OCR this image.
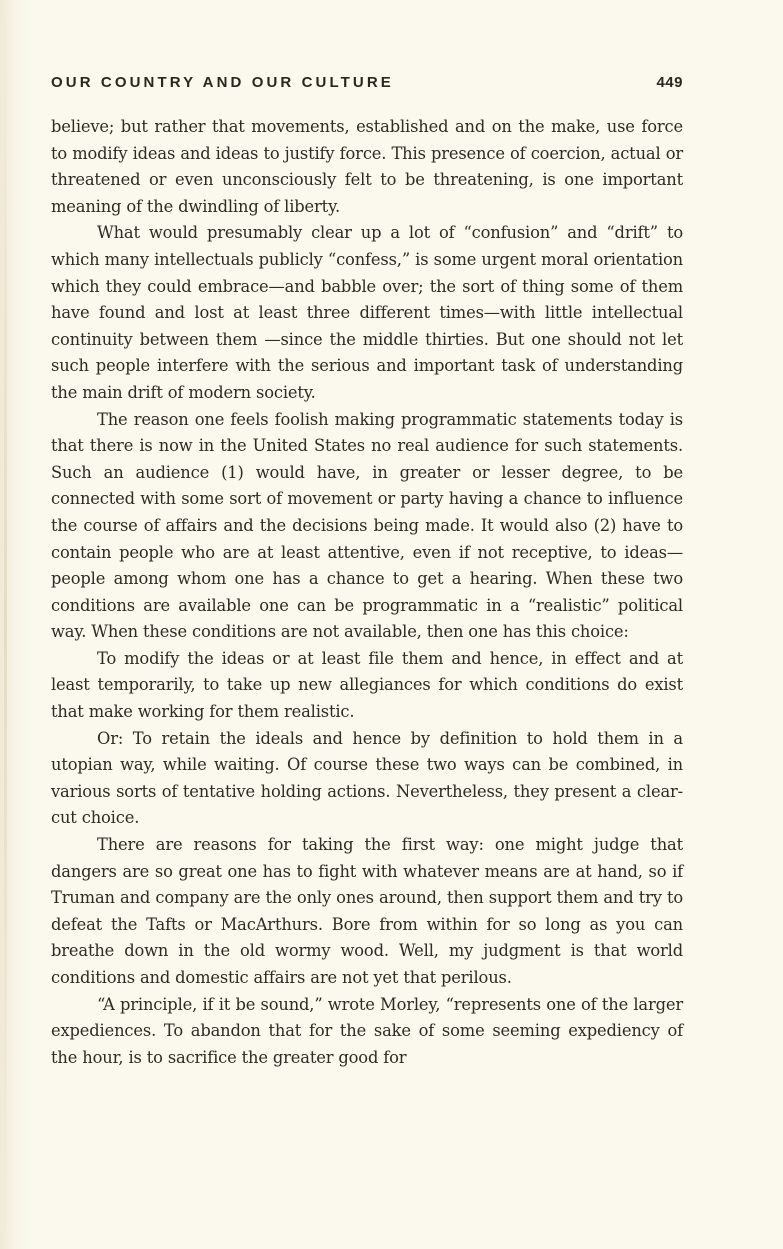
OUR COUNTRY AND OUR CULTURE	449

believe; but rather that movements, established and on the make, use force to modify ideas and ideas to justify force. This presence of coercion, actual or threatened or even unconsciously felt to be threatening, is one important meaning of the dwindling of liberty.

What would presumably clear up a lot of “confusion” and “drift” to which many intellectuals publicly “confess,” is some urgent moral orientation which they could embrace—and babble over; the sort of thing some of them have found and lost at least three different times—with little intellectual continuity between them —since the middle thirties. But one should not let such people interfere with the serious and important task of understanding the main drift of modern society.

The reason one feels foolish making programmatic statements today is that there is now in the United States no real audience for such statements. Such an audience (1) would have, in greater or lesser degree, to be connected with some sort of movement or party having a chance to influence the course of affairs and the decisions being made. It would also (2) have to contain people who are at least attentive, even if not receptive, to ideas—people among whom one has a chance to get a hearing. When these two conditions are available one can be programmatic in a “realistic” political way. When these conditions are not available, then one has this choice:

To modify the ideas or at least file them and hence, in effect and at least temporarily, to take up new allegiances for which conditions do exist that make working for them realistic.

Or: To retain the ideals and hence by definition to hold them in a utopian way, while waiting. Of course these two ways can be combined, in various sorts of tentative holding actions. Nevertheless, they present a clear-cut choice.

There are reasons for taking the first way: one might judge that dangers are so great one has to fight with whatever means are at hand, so if Truman and company are the only ones around, then support them and try to defeat the Tafts or MacArthurs. Bore from within for so long as you can breathe down in the old wormy wood. Well, my judgment is that world conditions and domestic affairs are not yet that perilous.

“A principle, if it be sound,” wrote Morley, “represents one of the larger expediences. To abandon that for the sake of some seeming expediency of the hour, is to sacrifice the greater good for
